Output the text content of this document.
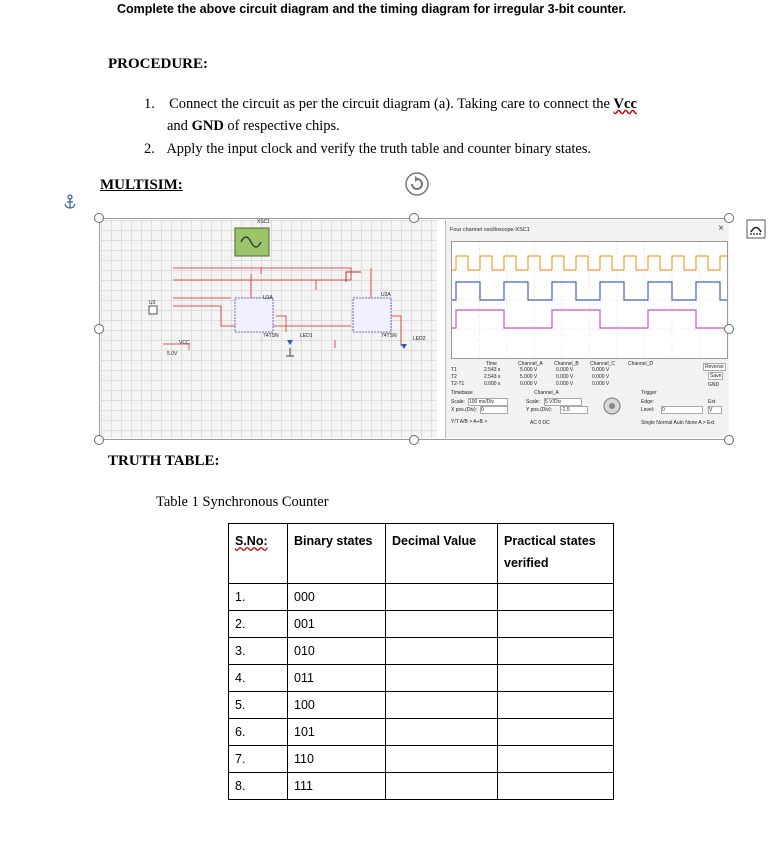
Complete the above circuit diagram and the timing diagram for irregular 3-bit counter.
PROCEDURE:
1. Connect the circuit as per the circuit diagram (a). Taking care to connect the Vcc
and GND of respective chips.
2. Apply the input clock and verify the truth table and counter binary states.
MULTISIM:
XSC1
U1A	U2A
74TSN	74TSN
LED1	LED2
VCC
5.0V
U3
Four channel oscilloscope-XSC1	×
T1
T2
T2-T1
Time
2.543 s
2.543 s
0.000 s
Channel_A
5.000 V
5.000 V
0.000 V
Channel_B
0.000 V
0.000 V
0.000 V
Channel_C
0.000 V
0.000 V
0.000 V
Channel_D	Reverse
Save
GND
Timebase
Scale: 100 ms/Div
X pos.(Div): 0
Y/T A/B > A+B >
Channel_A
Scale: 5 V/Div
Y pos.(Div): -1.5
AC 0 DC
Trigger
Edge:
Level: 0	V
Ext
Single Normal Auto None A > Ext
TRUTH TABLE:
Table 1 Synchronous Counter
S.No:	Binary states	Decimal Value	Practical states verified
1.	000		
2.	001		
3.	010		
4.	011		
5.	100		
6.	101		
7.	110		
8.	111		
